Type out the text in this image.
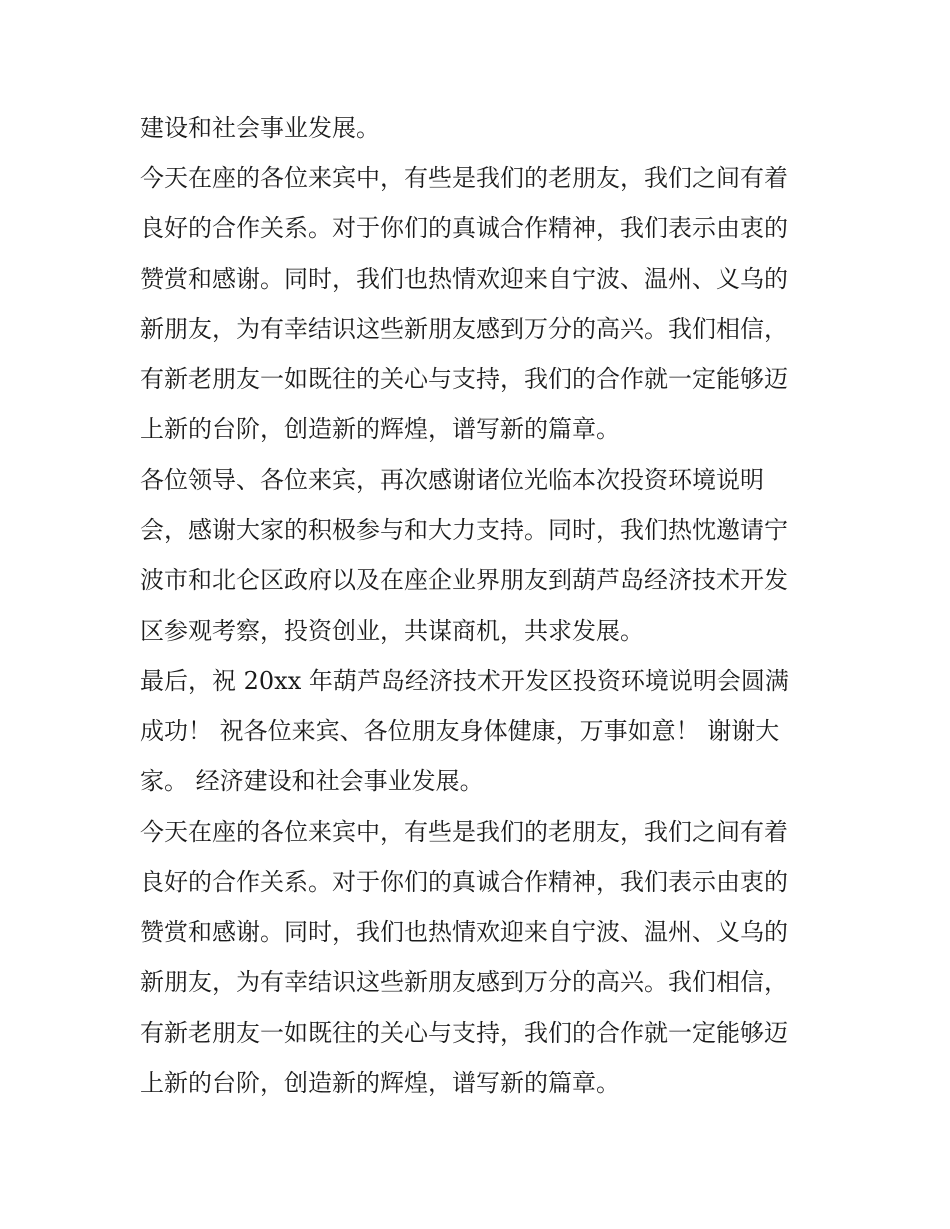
建设和社会事业发展。
今天在座的各位来宾中，有些是我们的老朋友，我们之间有着
良好的合作关系。对于你们的真诚合作精神，我们表示由衷的
赞赏和感谢。同时，我们也热情欢迎来自宁波、温州、义乌的
新朋友，为有幸结识这些新朋友感到万分的高兴。我们相信，
有新老朋友一如既往的关心与支持，我们的合作就一定能够迈
上新的台阶，创造新的辉煌，谱写新的篇章。
各位领导、各位来宾，再次感谢诸位光临本次投资环境说明
会，感谢大家的积极参与和大力支持。同时，我们热忱邀请宁
波市和北仑区政府以及在座企业界朋友到葫芦岛经济技术开发
区参观考察，投资创业，共谋商机，共求发展。
最后，祝 20xx 年葫芦岛经济技术开发区投资环境说明会圆满
成功！ 祝各位来宾、各位朋友身体健康，万事如意！ 谢谢大
家。 经济建设和社会事业发展。
今天在座的各位来宾中，有些是我们的老朋友，我们之间有着
良好的合作关系。对于你们的真诚合作精神，我们表示由衷的
赞赏和感谢。同时，我们也热情欢迎来自宁波、温州、义乌的
新朋友，为有幸结识这些新朋友感到万分的高兴。我们相信，
有新老朋友一如既往的关心与支持，我们的合作就一定能够迈
上新的台阶，创造新的辉煌，谱写新的篇章。
